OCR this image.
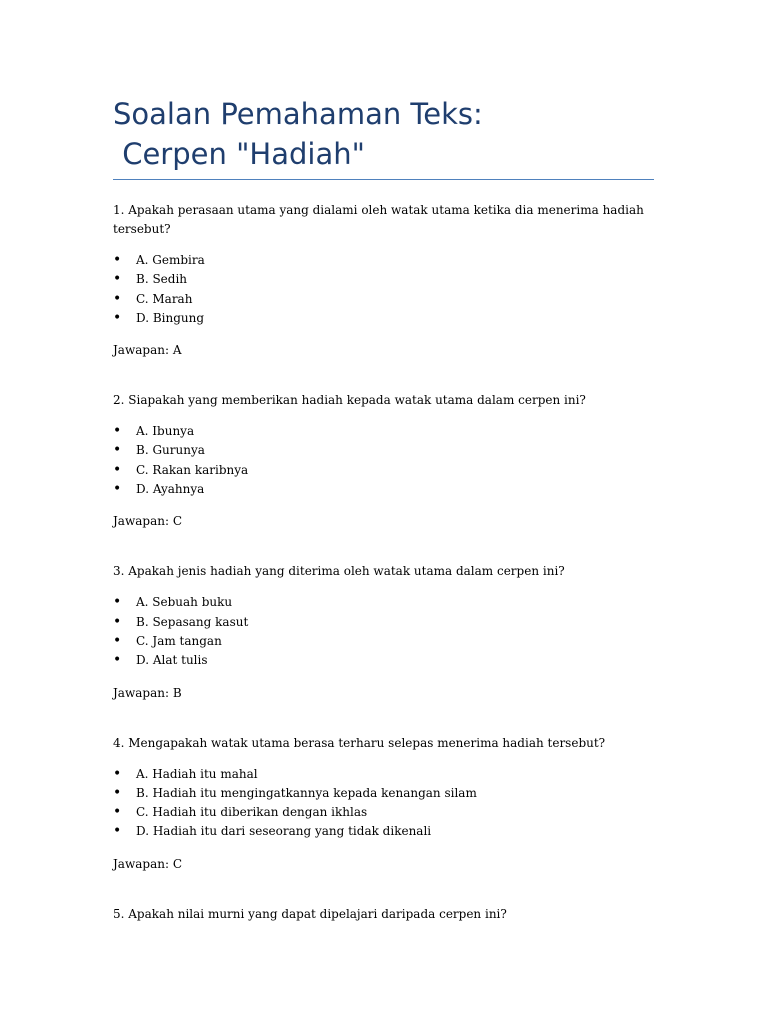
Soalan Pemahaman Teks:
Cerpen "Hadiah"

1. Apakah perasaan utama yang dialami oleh watak utama ketika dia menerima hadiah tersebut?

• A. Gembira
• B. Sedih
• C. Marah
• D. Bingung

Jawapan: A

2. Siapakah yang memberikan hadiah kepada watak utama dalam cerpen ini?

• A. Ibunya
• B. Gurunya
• C. Rakan karibnya
• D. Ayahnya

Jawapan: C

3. Apakah jenis hadiah yang diterima oleh watak utama dalam cerpen ini?

• A. Sebuah buku
• B. Sepasang kasut
• C. Jam tangan
• D. Alat tulis

Jawapan: B

4. Mengapakah watak utama berasa terharu selepas menerima hadiah tersebut?

• A. Hadiah itu mahal
• B. Hadiah itu mengingatkannya kepada kenangan silam
• C. Hadiah itu diberikan dengan ikhlas
• D. Hadiah itu dari seseorang yang tidak dikenali

Jawapan: C

5. Apakah nilai murni yang dapat dipelajari daripada cerpen ini?
